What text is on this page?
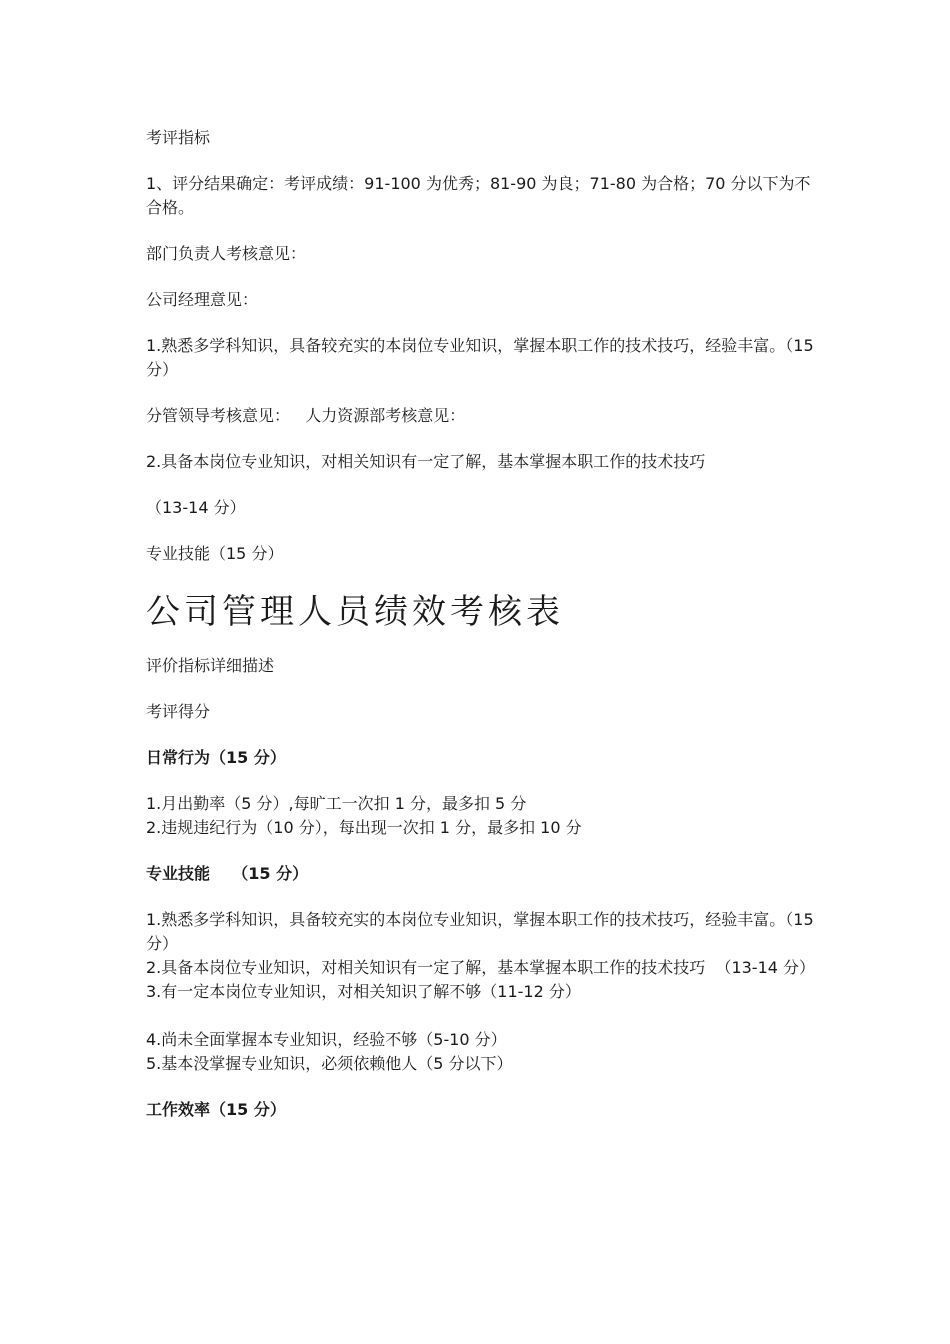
考评指标

1、评分结果确定：考评成绩：91-100 为优秀；81-90 为良；71-80 为合格；70 分以下为不合格。

部门负责人考核意见：

公司经理意见：

1.熟悉多学科知识，具备较充实的本岗位专业知识，掌握本职工作的技术技巧，经验丰富。（15 分）

分管领导考核意见：   人力资源部考核意见：

2.具备本岗位专业知识，对相关知识有一定了解，基本掌握本职工作的技术技巧

（13-14 分）

专业技能（15 分）

公司管理人员绩效考核表

评价指标详细描述

考评得分

日常行为（15 分）

1.月出勤率（5 分）,每旷工一次扣 1 分，最多扣 5 分

2.违规违纪行为（10 分），每出现一次扣 1 分，最多扣 10 分

专业技能    （15 分）

1.熟悉多学科知识，具备较充实的本岗位专业知识，掌握本职工作的技术技巧，经验丰富。（15 分）

2.具备本岗位专业知识，对相关知识有一定了解，基本掌握本职工作的技术技巧  （13-14 分）

3.有一定本岗位专业知识，对相关知识了解不够（11-12 分）

4.尚未全面掌握本专业知识，经验不够（5-10 分）

5.基本没掌握专业知识，必须依赖他人（5 分以下）

工作效率（15 分）
